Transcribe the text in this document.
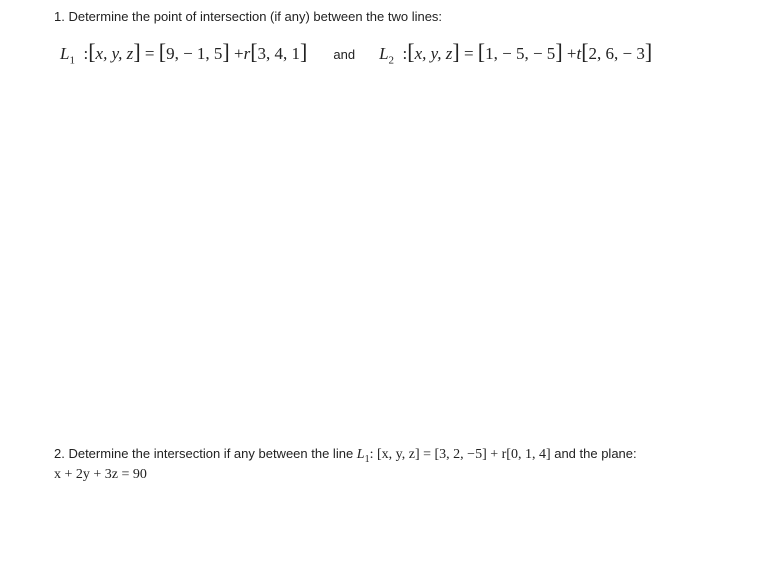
1. Determine the point of intersection (if any) between the two lines:
$L_1$  :[x, y, z] = [9, − 1, 5] +r[3, 4, 1] and $L_2$  :[x, y, z] = [1, − 5, − 5] +t[2, 6, − 3]
2. Determine the intersection if any between the line $L_1$: [x, y, z] = [3, 2, −5] + r[0, 1, 4] and the plane:
x + 2y + 3z = 90
